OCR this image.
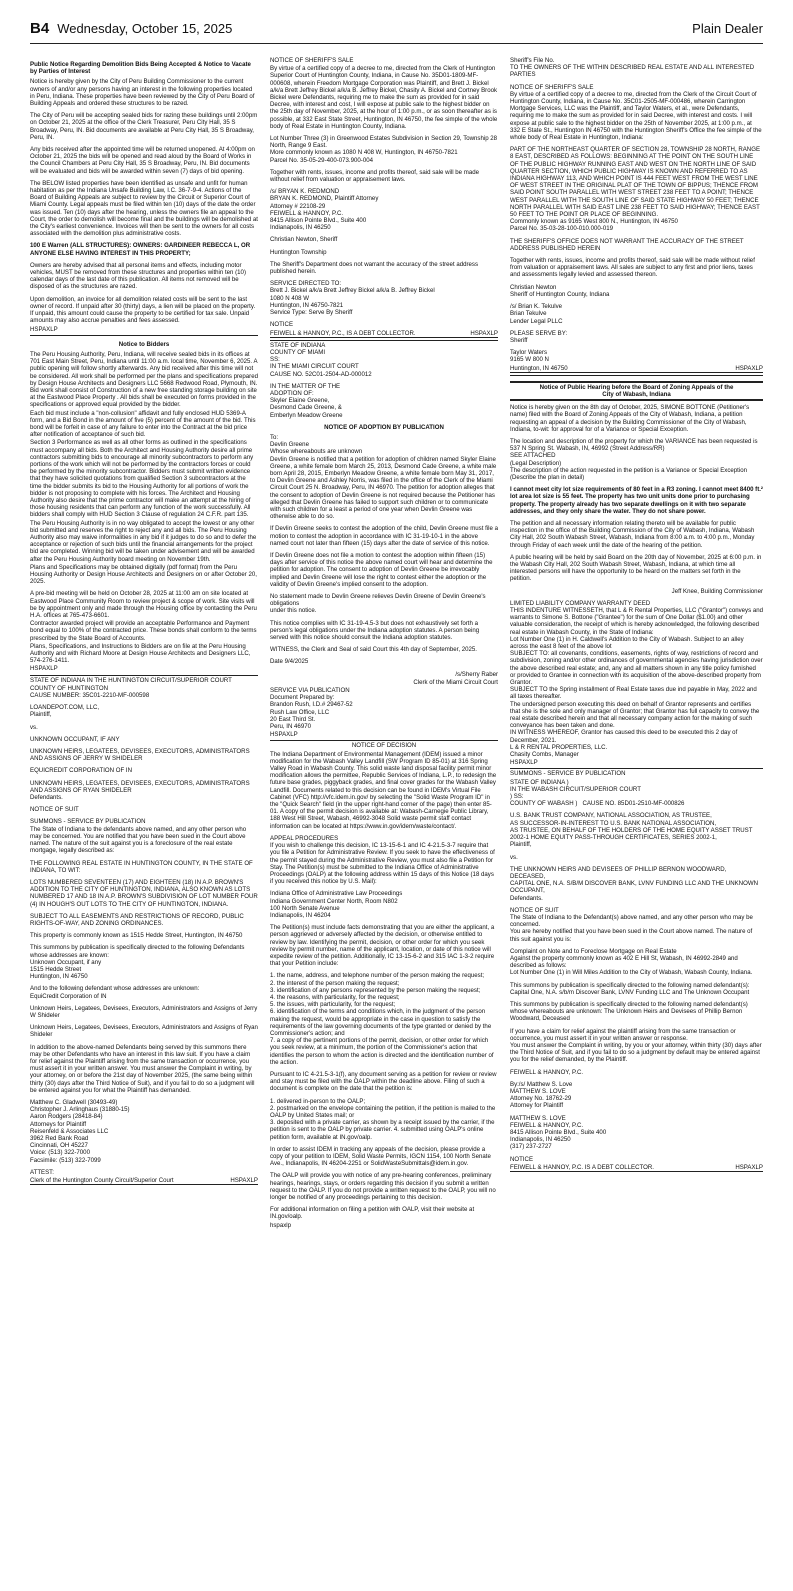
B4 Wednesday, October 15, 2025	Plain Dealer
Public Notice Regarding Demolition Bids Being Accepted & Notice to Vacate by Parties of Interest

Notice is hereby given by the City of Peru Building Commissioner to the current owners of and/or any persons having an interest in the following properties located in Peru, Indiana. These properties have been reviewed by the City of Peru Board of Building Appeals and ordered these structures to be razed.

The City of Peru will be accepting sealed bids for razing these buildings until 2:00pm on October 21, 2025 at the office of the Clerk Treasurer, Peru City Hall, 35 S Broadway, Peru, IN. Bid documents are available at Peru City Hall, 35 S Broadway, Peru, IN.

Any bids received after the appointed time will be returned unopened. At 4:00pm on October 21, 2025 the bids will be opened and read aloud by the Board of Works in the Council Chambers at Peru City Hall, 35 S Broadway, Peru, IN. Bid documents will be evaluated and bids will be awarded within seven (7) days of bid opening.

The BELOW listed properties have been identified as unsafe and unfit for human habitation as per the Indiana Unsafe Building Law, I.C. 36-7-9-4. Actions of the Board of Building Appeals are subject to review by the Circuit or Superior Court of Miami County. Legal appeals must be filed within ten (10) days of the date the order was issued. Ten (10) days after the hearing, unless the owners file an appeal to the Court, the order to demolish will become final and the buildings will be demolished at the City's earliest convenience. Invoices will then be sent to the owners for all costs associated with the demolition plus administrative costs.

100 E Warren (ALL STRUCTURES): OWNERS: GARDINEER REBECCA L, OR ANYONE ELSE HAVING INTEREST IN THIS PROPERTY;

Owners are hereby advised that all personal items and effects, including motor vehicles, MUST be removed from these structures and properties within ten (10) calendar days of the last date of this publication. All items not removed will be disposed of as the structures are razed.

Upon demolition, an invoice for all demolition related costs will be sent to the last owner of record. If unpaid after 30 (thirty) days, a lien will be placed on the property. If unpaid, this amount could cause the property to be certified for tax sale. Unpaid amounts may also accrue penalties and fees assessed.

HSPAXLP

Notice to Bidders

The Peru Housing Authority, Peru, Indiana, will receive sealed bids in its offices at 701 East Main Street, Peru, Indiana until 11:00 a.m. local time, November 6, 2025. A public opening will follow shortly afterwards. Any bid received after this time will not be considered. All work shall be performed per the plans and specifications prepared by Design House Architects and Designers LLC 5668 Redwood Road, Plymouth, IN. Bid work shall consist of Construction of a new free standing storage building on site at the Eastwood Place Property . All bids shall be executed on forms provided in the specifications or approved equal provided by the bidder.

Each bid must include a "non-collusion" affidavit and fully enclosed HUD 5369-A form, and a Bid Bond in the amount of five (5) percent of the amount of the bid. This bond will be forfeit in case of any failure to enter into the Contract at the bid price after notification of acceptance of such bid.

Section 3 Performance as well as all other forms as outlined in the specifications must accompany all bids. Both the Architect and Housing Authority desire all prime contractors submitting bids to encourage all minority subcontractors to perform any portions of the work which will not be performed by the contractors forces or could be performed by the minority subcontractor. Bidders must submit written evidence that they have solicited quotations from qualified Section 3 subcontractors at the time the bidder submits its bid to the Housing Authority for all portions of work the bidder is not proposing to complete with his forces. The Architect and Housing Authority also desire that the prime contractor will make an attempt at the hiring of those housing residents that can perform any function of the work successfully. All bidders shall comply with HUD Section 3 Clause of regulation 24 C.F.R. part 135.

The Peru Housing Authority is in no way obligated to accept the lowest or any other bid submitted and reserves the right to reject any and all bids. The Peru Housing Authority also may waive informalities in any bid if it judges to do so and to defer the acceptance or rejection of such bids until the financial arrangements for the project bid are completed. Winning bid will be taken under advisement and will be awarded after the Peru Housing Authority board meeting on November 19th.

Plans and Specifications may be obtained digitally (pdf format) from the Peru Housing Authority or Design House Architects and Designers on or after October 20, 2025.

A pre-bid meeting will be held on October 28, 2025 at 11:00 am on site located at Eastwood Place Community Room to review project & scope of work. Site visits will be by appointment only and made through the Housing office by contacting the Peru H.A. offices at 765-473-6601.

Contractor awarded project will provide an acceptable Performance and Payment bond equal to 100% of the contracted price. These bonds shall conform to the terms prescribed by the State Board of Accounts.

Plans, Specifications, and Instructions to Bidders are on file at the Peru Housing Authority and with Richard Moore at Design House Architects and Designers LLC, 574-276-1411.

HSPAXLP

STATE OF INDIANA IN THE HUNTINGTON CIRCUIT/SUPERIOR COURT

COUNTY OF HUNTINGTON
CAUSE NUMBER: 35C01-2210-MF-000598

LOANDEPOT.COM, LLC,
Plaintiff,

vs.

UNKNOWN OCCUPANT, IF ANY

UNKNOWN HEIRS, LEGATEES, DEVISEES, EXECUTORS, ADMINISTRATORS AND ASSIGNS OF JERRY W SHIDELER

EQUICREDIT CORPORATION OF IN

UNKNOWN HEIRS, LEGATEES, DEVISEES, EXECUTORS, ADMINISTRATORS AND ASSIGNS OF RYAN SHIDELER
Defendants.

NOTICE OF SUIT

SUMMONS - SERVICE BY PUBLICATION
The State of Indiana to the defendants above named, and any other person who may be concerned. You are notified that you have been sued in the Court above named. The nature of the suit against you is a foreclosure of the real estate mortgage, legally described as:

THE FOLLOWING REAL ESTATE IN HUNTINGTON COUNTY, IN THE STATE OF INDIANA, TO WIT:

LOTS NUMBERED SEVENTEEN (17) AND EIGHTEEN (18) IN A.P. BROWN'S ADDITION TO THE CITY OF HUNTINGTON, INDIANA, ALSO KNOWN AS LOTS NUMBERED 17 AND 18 IN A.P. BROWN'S SUBDIVISION OF LOT NUMBER FOUR (4) IN HOUGH'S OUT LOTS TO THE CITY OF HUNTINGTON, INDIANA.

SUBJECT TO ALL EASEMENTS AND RESTRICTIONS OF RECORD, PUBLIC RIGHTS-OF-WAY, AND ZONING ORDINANCES.

This property is commonly known as 1515 Hedde Street, Huntington, IN 46750

This summons by publication is specifically directed to the following Defendants whose addresses are known:
Unknown Occupant, if any
1515 Hedde Street
Huntington, IN 46750

And to the following defendant whose addresses are unknown:
EquiCredit Corporation of IN

Unknown Heirs, Legatees, Devisees, Executors, Administrators and Assigns of Jerry W Shideler

Unknown Heirs, Legatees, Devisees, Executors, Administrators and Assigns of Ryan Shideler

In addition to the above-named Defendants being served by this summons there may be other Defendants who have an interest in this law suit. If you have a claim for relief against the Plaintiff arising from the same transaction or occurrence, you must assert it in your written answer. You must answer the Complaint in writing, by your attorney, on or before the 21st day of November 2025, (the same being within thirty (30) days after the Third Notice of Suit), and if you fail to do so a judgment will be entered against you for what the Plaintiff has demanded.

Matthew C. Gladwell (30493-49)
Christopher J. Arlinghaus (31880-15)
Aaron Rodgers (28418-84)
Attorneys for Plaintiff
Reisenfeld & Associates LLC
3962 Red Bank Road
Cincinnati, OH 45227
Voice: (513) 322-7000
Facsimile: (513) 322-7099

ATTEST:

Clerk of the Huntington County Circuit/Superior Court	HSPAXLP
NOTICE OF SHERIFF'S SALE

By virtue of a certified copy of a decree to me, directed from the Clerk of Huntington Superior Court of Huntington County, Indiana, in Cause No. 35D01-1809-MF-000608, wherein Freedom Mortgage Corporation was Plaintiff, and Brett J. Bickel a/k/a Brett Jeffrey Bickel a/k/a B. Jeffrey Bickel, Chasity A. Bickel and Cortney Brook Bickel were Defendants, requiring me to make the sum as provided for in said Decree, with interest and cost, I will expose at public sale to the highest bidder on the 25th day of November, 2025, at the hour of 1:00 p.m., or as soon thereafter as is possible, at 332 East State Street, Huntington, IN 46750, the fee simple of the whole body of Real Estate in Huntington County, Indiana.

Lot Number Three (3) in Greenwood Estates Subdivision in Section 29, Township 28 North, Range 9 East.
More commonly known as 1080 N 408 W, Huntington, IN 46750-7821
Parcel No. 35-05-29-400-073.900-004

Together with rents, issues, income and profits thereof, said sale will be made without relief from valuation or appraisement laws.

/s/ BRYAN K. REDMOND
BRYAN K. REDMOND, Plaintiff Attorney
Attorney # 22108-29
FEIWELL & HANNOY, P.C.
8415 Allison Pointe Blvd., Suite 400
Indianapolis, IN 46250

Christian Newton, Sheriff

Huntington Township

The Sheriff's Department does not warrant the accuracy of the street address published herein.

SERVICE DIRECTED TO:
Brett J. Bickel a/k/a Brett Jeffrey Bickel a/k/a B. Jeffrey Bickel
1080 N 408 W
Huntington, IN 46750-7821
Service Type: Serve By Sheriff

NOTICE

FEIWELL & HANNOY, P.C., IS A DEBT COLLECTOR.	HSPAXLP

STATE OF INDIANA
COUNTY OF MIAMI
SS:
IN THE MIAMI CIRCUIT COURT
CAUSE NO. 52C01-2504-AD-000012

IN THE MATTER OF THE
ADOPTION OF:
Skyler Elaine Greene,
Desmond Cade Greene, &
Emberlyn Meadow Greene

NOTICE OF ADOPTION BY PUBLICATION

To:
Devlin Greene
Whose whereabouts are unknown
Devlin Greene is notified that a petition for adoption of children named Skyler Elaine Greene, a white female born March 25, 2013, Desmond Cade Greene, a white male born April 28, 2015, Emberlyn Meadow Greene, a white female born May 31, 2017, to Devlin Greene and Ashley Norris, was filed in the office of the Clerk of the Miami Circuit Court 25 N. Broadway, Peru, IN 46970. The petition for adoption alleges that the consent to adoption of Devlin Greene is not required because the Petitioner has alleged that Devlin Greene has failed to support such children or to communicate with such children for a least a period of one year when Devlin Greene was otherwise able to do so.

If Devlin Greene seeks to contest the adoption of the child, Devlin Greene must file a motion to contest the adoption in accordance with IC 31-19-10-1 in the above named court not later than fifteen (15) days after the date of service of this notice.

If Devlin Greene does not file a motion to contest the adoption within fifteen (15) days after service of this notice the above named court will hear and determine the petition for adoption. The consent to adoption of Devlin Greene be irrevocably implied and Devlin Greene will lose the right to contest either the adoption or the validity of Devlin Greene's implied consent to the adoption.

No statement made to Devlin Greene relieves Devlin Greene of Devlin Greene's obligations
under this notice.

This notice complies with IC 31-19-4.5-3 but does not exhaustively set forth a person's legal obligations under the Indiana adoption statutes. A person being served with this notice should consult the Indiana adoption statutes.

WITNESS, the Clerk and Seal of said Court this 4th day of September, 2025.

Date 9/4/2025

/s/Sherry Raber

Clerk of the Miami Circuit Court

SERVICE VIA PUBLICATION
Document Prepared by:
Brandon Rush, I.D.# 29467-52
Rush Law Office, LLC
20 East Third St.
Peru, IN 46970

HSPAXLP

NOTICE OF DECISION

The Indiana Department of Environmental Management (IDEM) issued a minor modification for the Wabash Valley Landfill (SW Program ID 85-01) at 316 Spring Valley Road in Wabash County. This solid waste land disposal facility permit minor modification allows the permittee, Republic Services of Indiana, L.P., to redesign the future base grades, piggyback grades, and final cover grades for the Wabash Valley Landfill. Documents related to this decision can be found in IDEM's Virtual File Cabinet (VFC) http://vfc.idem.in.gov/ by selecting the "Solid Waste Program ID" in the "Quick Search" field (in the upper right-hand corner of the page) then enter 85-01. A copy of the permit decision is available at: Wabash-Carnegie Public Library, 188 West Hill Street, Wabash, 46992-3048 Solid waste permit staff contact information can be located at https://www.in.gov/idem/waste/contact/.

APPEAL PROCEDURES
If you wish to challenge this decision, IC 13-15-6-1 and IC 4-21.5-3-7 require that you file a Petition for Administrative Review. If you seek to have the effectiveness of the permit stayed during the Administrative Review, you must also file a Petition for Stay. The Petition(s) must be submitted to the Indiana Office of Administrative Proceedings (OALP) at the following address within 15 days of this Notice (18 days if you received this notice by U.S. Mail):

Indiana Office of Administrative Law Proceedings
Indiana Government Center North, Room N802
100 North Senate Avenue
Indianapolis, IN 46204

The Petition(s) must include facts demonstrating that you are either the applicant, a person aggrieved or adversely affected by the decision, or otherwise entitled to review by law. Identifying the permit, decision, or other order for which you seek review by permit number, name of the applicant, location, or date of this notice will expedite review of the petition. Additionally, IC 13-15-6-2 and 315 IAC 1-3-2 require that your Petition include:

1. the name, address, and telephone number of the person making the request;
2. the interest of the person making the request;
3. identification of any persons represented by the person making the request;
4. the reasons, with particularity, for the request;
5. the issues, with particularity, for the request;
6. identification of the terms and conditions which, in the judgment of the person making the request, would be appropriate in the case in question to satisfy the requirements of the law governing documents of the type granted or denied by the Commissioner's action; and
7. a copy of the pertinent portions of the permit, decision, or other order for which you seek review, at a minimum, the portion of the Commissioner's action that identifies the person to whom the action is directed and the identification number of the action.

Pursuant to IC 4-21.5-3-1(f), any document serving as a petition for review or review and stay must be filed with the OALP within the deadline above. Filing of such a document is complete on the date that the petition is:

1. delivered in-person to the OALP;
2. postmarked on the envelope containing the petition, if the petition is mailed to the OALP by United States mail; or
3. deposited with a private carrier, as shown by a receipt issued by the carrier, if the petition is sent to the OALP by private carrier. 4. submitted using OALP's online petition form, available at IN.gov/oalp.

In order to assist IDEM in tracking any appeals of the decision, please provide a copy of your petition to IDEM, Solid Waste Permits, IGCN 1154, 100 North Senate Ave., Indianapolis, IN 46204-2251 or SolidWasteSubmittals@idem.in.gov.

The OALP will provide you with notice of any pre-hearing conferences, preliminary hearings, hearings, stays, or orders regarding this decision if you submit a written request to the OALP. If you do not provide a written request to the OALP, you will no longer be notified of any proceedings pertaining to this decision.

For additional information on filing a petition with OALP, visit their website at IN.gov/oalp.

hspaxlp

Sheriff's File No.
TO THE OWNERS OF THE WITHIN DESCRIBED REAL ESTATE AND ALL INTERESTED PARTIES

NOTICE OF SHERIFF'S SALE
By virtue of a certified copy of a decree to me, directed from the Clerk of the Circuit Court of Huntington County, Indiana, in Cause No. 35C01-2505-MF-000486, wherein Carrington Mortgage Services, LLC was the Plaintiff, and Taylor Waters, et al., were Defendants, requiring me to make the sum as provided for in said Decree, with interest and costs. I will expose at public sale to the highest bidder on the 25th of November 2025, at 1:00 p.m., at 332 E State St., Huntington IN 46750 with the Huntington Sheriff's Office the fee simple of the whole body of Real Estate in Huntington, Indiana:

PART OF THE NORTHEAST QUARTER OF SECTION 28, TOWNSHIP 28 NORTH, RANGE 8 EAST, DESCRIBED AS FOLLOWS: BEGINNING AT THE POINT ON THE SOUTH LINE OF THE PUBLIC HIGHWAY RUNNING EAST AND WEST ON THE NORTH LINE OF SAID QUARTER SECTION, WHICH PUBLIC HIGHWAY IS KNOWN AND REFERRED TO AS INDIANA HIGHWAY 113, AND WHICH POINT IS 444 FEET WEST FROM THE WEST LINE OF WEST STREET IN THE ORIGINAL PLAT OF THE TOWN OF BIPPUS; THENCE FROM SAID POINT SOUTH PARALLEL WITH WEST STREET 238 FEET TO A POINT; THENCE WEST PARALLEL WITH THE SOUTH LINE OF SAID STATE HIGHWAY 50 FEET; THENCE NORTH PARALLEL WITH SAID EAST LINE 238 FEET TO SAID HIGHWAY; THENCE EAST 50 FEET TO THE POINT OR PLACE OF BEGINNING.
Commonly known as 9165 West 800 N., Huntington, IN 46750
Parcel No. 35-03-28-100-010.000-019

THE SHERIFF'S OFFICE DOES NOT WARRANT THE ACCURACY OF THE STREET ADDRESS PUBLISHED HEREIN

Together with rents, issues, income and profits thereof, said sale will be made without relief from valuation or appraisement laws. All sales are subject to any first and prior liens, taxes and assessments legally levied and assessed thereon.

Christian Newton
Sheriff of Huntington County, Indiana

/s/ Brian K. Tekulve
Brian Tekulve
Lender Legal PLLC

PLEASE SERVE BY:
Sheriff

Taylor Waters
9165 W 800 N

Huntington, IN 46750	HSPAXLP
Notice of Public Hearing before the Board of Zoning Appeals of the
City of Wabash, Indiana

Notice is hereby given on the 8th day of October, 2025, SIMONE BOTTONE (Petitioner's name) filed with the Board of Zoning Appeals of the City of Wabash, Indiana, a petition requesting an appeal of a decision by the Building Commissioner of the City of Wabash, Indiana, to-wit: for approval for of a Variance or Special Exception.

The location and description of the property for which the VARIANCE has been requested is 537 N Spring St. Wabash, IN, 46992 (Street Address/RR)
SEE ATTACHED
(Legal Description)
The description of the action requested in the petition is a Variance or Special Exception (Describe the plan in detail)

I cannot meet city lot size requirements of 80 feet in a R3 zoning. I cannot meet 8400 ft.² lot area lot size is 55 feet. The property has two unit units done prior to purchasing property. The property already has two separate dwellings on it with two separate addresses, and they only share the water. They do not share power.

The petition and all necessary information relating thereto will be available for public inspection in the office of the Building Commission of the City of Wabash, Indiana, Wabash City Hall, 202 South Wabash Street, Wabash, Indiana from 8:00 a.m. to 4:00 p.m., Monday through Friday of each week until the date of the hearing of the petition.

A public hearing will be held by said Board on the 20th day of November, 2025 at 6:00 p.m. in the Wabash City Hall, 202 South Wabash Street, Wabash, Indiana, at which time all interested persons will have the opportunity to be heard on the matters set forth in the petition.

Jeff Knee, Building Commissioner

LIMITED LIABILITY COMPANY WARRANTY DEED
THIS INDENTURE WITNESSETH, that L & R Rental Properties, LLC ("Grantor") conveys and warrants to Simone S. Bottone ("Grantee") for the sum of One Dollar ($1.00) and other valuable consideration, the receipt of which is hereby acknowledged, the following described real estate in Wabash County, in the State of Indiana:
Lot Number One (1) in H. Caldwell's Addition to the City of Wabash. Subject to an alley across the east 8 feet of the above lot
SUBJECT TO: all covenants, conditions, easements, rights of way, restrictions of record and subdivision, zoning and/or other ordinances of governmental agencies having jurisdiction over the above described real estate; and, any and all matters shown in any title policy furnished or provided to Grantee in connection with its acquisition of the above-described property from Grantor.
SUBJECT TO the Spring installment of Real Estate taxes due ind payable in May, 2022 and all taxes thereafter.
The undersigned person executing this deed on behalf of Grantor represents and certifies that she is the sole and only manager of Grantor; that Grantor has full capacity to convey the real estate described herein and that all necessary company action for the making of such conveyance has been taken and done.
IN WITNESS WHEREOF, Grantor has caused this deed to be executed this 2 day of
December, 2021.
L & R RENTAL PROPERTIES, LLC.
Chasity Combs, Manager

HSPAXLP

SUMMONS - SERVICE BY PUBLICATION

STATE OF INDIANA )
IN THE WABASH CIRCUIT/SUPERIOR COURT
) SS:
COUNTY OF WABASH )   CAUSE NO. 85D01-2510-MF-000826

U.S. BANK TRUST COMPANY, NATIONAL ASSOCIATION, AS TRUSTEE,
AS SUCCESSOR-IN-INTEREST TO U.S. BANK NATIONAL ASSOCIATION,
AS TRUSTEE, ON BEHALF OF THE HOLDERS OF THE HOME EQUITY ASSET TRUST
2002-1 HOME EQUITY PASS-THROUGH CERTIFICATES, SERIES 2002-1,
Plaintiff,

vs.

THE UNKNOWN HEIRS AND DEVISEES OF PHILLIP BERNON WOODWARD, DECEASED,
CAPITAL ONE, N.A. S/B/M DISCOVER BANK, LVNV FUNDING LLC AND THE UNKNOWN OCCUPANT,
Defendants.

NOTICE OF SUIT
The State of Indiana to the Defendant(s) above named, and any other person who may be concerned.
You are hereby notified that you have been sued in the Court above named. The nature of this suit against you is:

Complaint on Note and to Foreclose Mortgage on Real Estate
Against the property commonly known as 402 E Hill St, Wabash, IN 46992-2849 and described as follows:
Lot Number One (1) in Will Miles Addition to the City of Wabash, Wabash County, Indiana.

This summons by publication is specifically directed to the following named defendant(s): Capital One, N.A. s/b/m Discover Bank, LVNV Funding LLC and The Unknown Occupant

This summons by publication is specifically directed to the following named defendant(s)
whose whereabouts are unknown: The Unknown Heirs and Devisees of Phillip Bernon Woodward, Deceased

If you have a claim for relief against the plaintiff arising from the same transaction or occurrence, you must assert it in your written answer or response.
You must answer the Complaint in writing, by you or your attorney, within thirty (30) days after the Third Notice of Suit, and if you fail to do so a judgment by default may be entered against you for the relief demanded, by the Plaintiff.

FEIWELL & HANNOY, P.C.

By:/s/ Matthew S. Love
MATTHEW S. LOVE
Attorney No. 18762-29
Attorney for Plaintiff

MATTHEW S. LOVE
FEIWELL & HANNOY, P.C.
8415 Allison Pointe Blvd., Suite 400
Indianapolis, IN 46250
(317) 237-2727

NOTICE

FEIWELL & HANNOY, P.C. IS A DEBT COLLECTOR.	HSPAXLP
